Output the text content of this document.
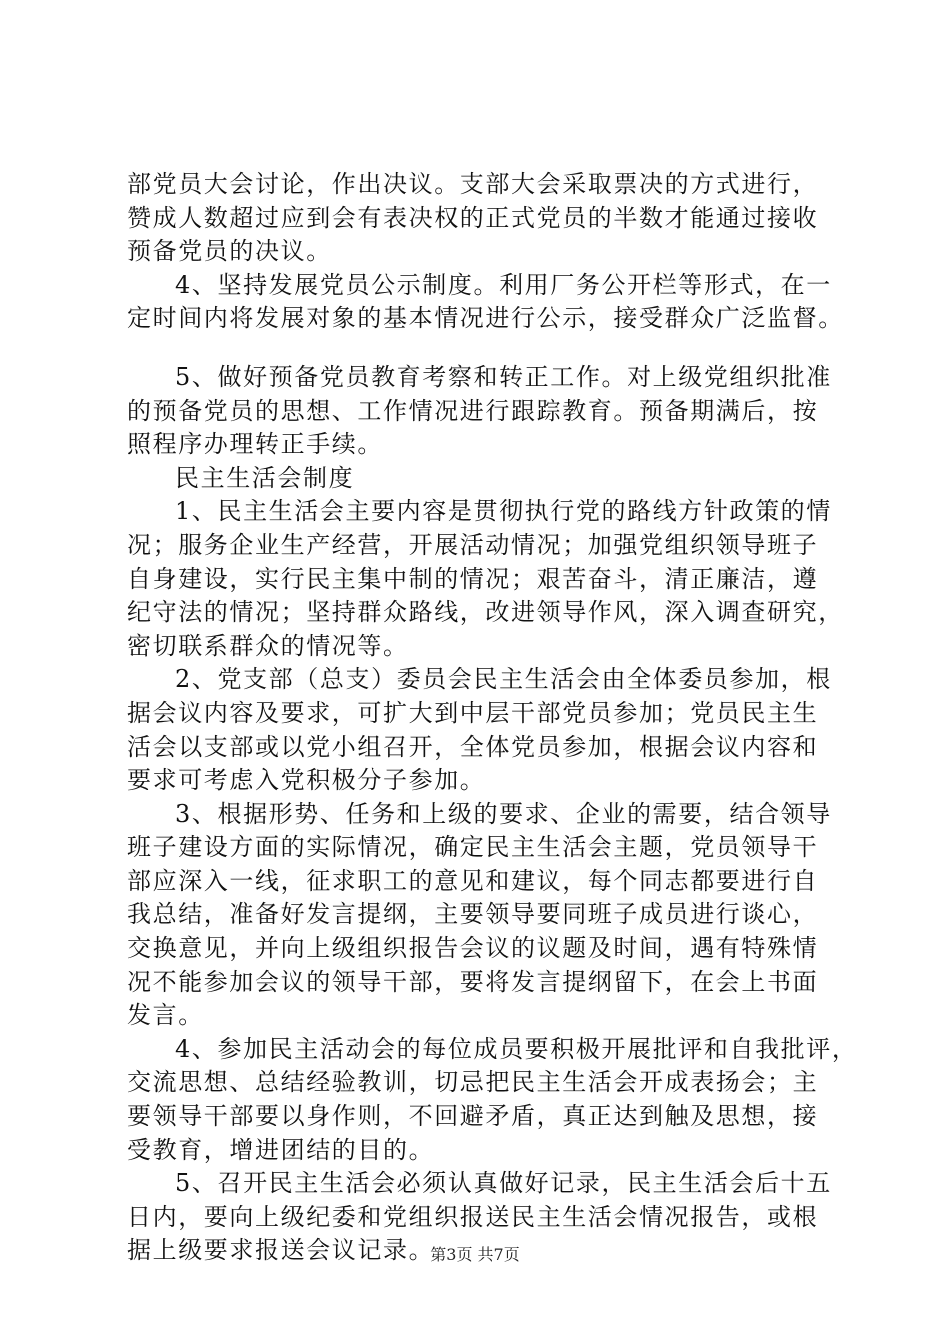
部党员大会讨论，作出决议。支部大会采取票决的方式进行，
赞成人数超过应到会有表决权的正式党员的半数才能通过接收
预备党员的决议。
4、坚持发展党员公示制度。利用厂务公开栏等形式，在一
定时间内将发展对象的基本情况进行公示，接受群众广泛监督。
5、做好预备党员教育考察和转正工作。对上级党组织批准
的预备党员的思想、工作情况进行跟踪教育。预备期满后，按
照程序办理转正手续。
民主生活会制度
1、民主生活会主要内容是贯彻执行党的路线方针政策的情
况；服务企业生产经营，开展活动情况；加强党组织领导班子
自身建设，实行民主集中制的情况；艰苦奋斗，清正廉洁，遵
纪守法的情况；坚持群众路线，改进领导作风，深入调查研究，
密切联系群众的情况等。
2、党支部（总支）委员会民主生活会由全体委员参加，根
据会议内容及要求，可扩大到中层干部党员参加；党员民主生
活会以支部或以党小组召开，全体党员参加，根据会议内容和
要求可考虑入党积极分子参加。
3、根据形势、任务和上级的要求、企业的需要，结合领导
班子建设方面的实际情况，确定民主生活会主题，党员领导干
部应深入一线，征求职工的意见和建议，每个同志都要进行自
我总结，准备好发言提纲，主要领导要同班子成员进行谈心，
交换意见，并向上级组织报告会议的议题及时间，遇有特殊情
况不能参加会议的领导干部，要将发言提纲留下，在会上书面
发言。
4、参加民主活动会的每位成员要积极开展批评和自我批评，
交流思想、总结经验教训，切忌把民主生活会开成表扬会；主
要领导干部要以身作则，不回避矛盾，真正达到触及思想，接
受教育，增进团结的目的。
5、召开民主生活会必须认真做好记录，民主生活会后十五
日内，要向上级纪委和党组织报送民主生活会情况报告，或根
据上级要求报送会议记录。
第3页 共7页
